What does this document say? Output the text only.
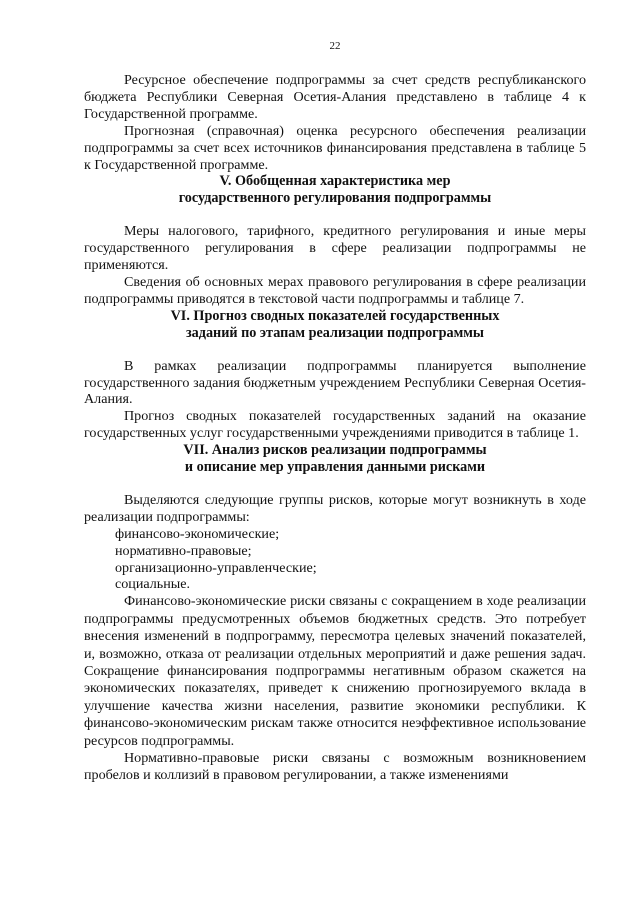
22

Ресурсное обеспечение подпрограммы за счет средств республиканского бюджета Республики Северная Осетия-Алания представлено в таблице 4 к Государственной программе.

Прогнозная (справочная) оценка ресурсного обеспечения реализации подпрограммы за счет всех источников финансирования представлена в таблице 5 к Государственной программе.

V. Обобщенная характеристика мер
государственного регулирования подпрограммы

Меры налогового, тарифного, кредитного регулирования и иные меры государственного регулирования в сфере реализации подпрограммы не применяются.

Сведения об основных мерах правового регулирования в сфере реализации подпрограммы приводятся в текстовой части подпрограммы и таблице 7.

VI. Прогноз сводных показателей государственных
заданий по этапам реализации подпрограммы

В рамках реализации подпрограммы планируется выполнение государственного задания бюджетным учреждением Республики Северная Осетия-Алания.

Прогноз сводных показателей государственных заданий на оказание государственных услуг государственными учреждениями приводится в таблице 1.

VII. Анализ рисков реализации подпрограммы
и описание мер управления данными рисками

Выделяются следующие группы рисков, которые могут возникнуть в ходе реализации подпрограммы:

финансово-экономические;
нормативно-правовые;
организационно-управленческие;
социальные.

Финансово-экономические риски связаны с сокращением в ходе реализации подпрограммы предусмотренных объемов бюджетных средств. Это потребует внесения изменений в подпрограмму, пересмотра целевых значений показателей, и, возможно, отказа от реализации отдельных мероприятий и даже решения задач. Сокращение финансирования подпрограммы негативным образом скажется на экономических показателях, приведет к снижению прогнозируемого вклада в улучшение качества жизни населения, развитие экономики республики. К финансово-экономическим рискам также относится неэффективное использование ресурсов подпрограммы.

Нормативно-правовые риски связаны с возможным возникновением пробелов и коллизий в правовом регулировании, а также изменениями
